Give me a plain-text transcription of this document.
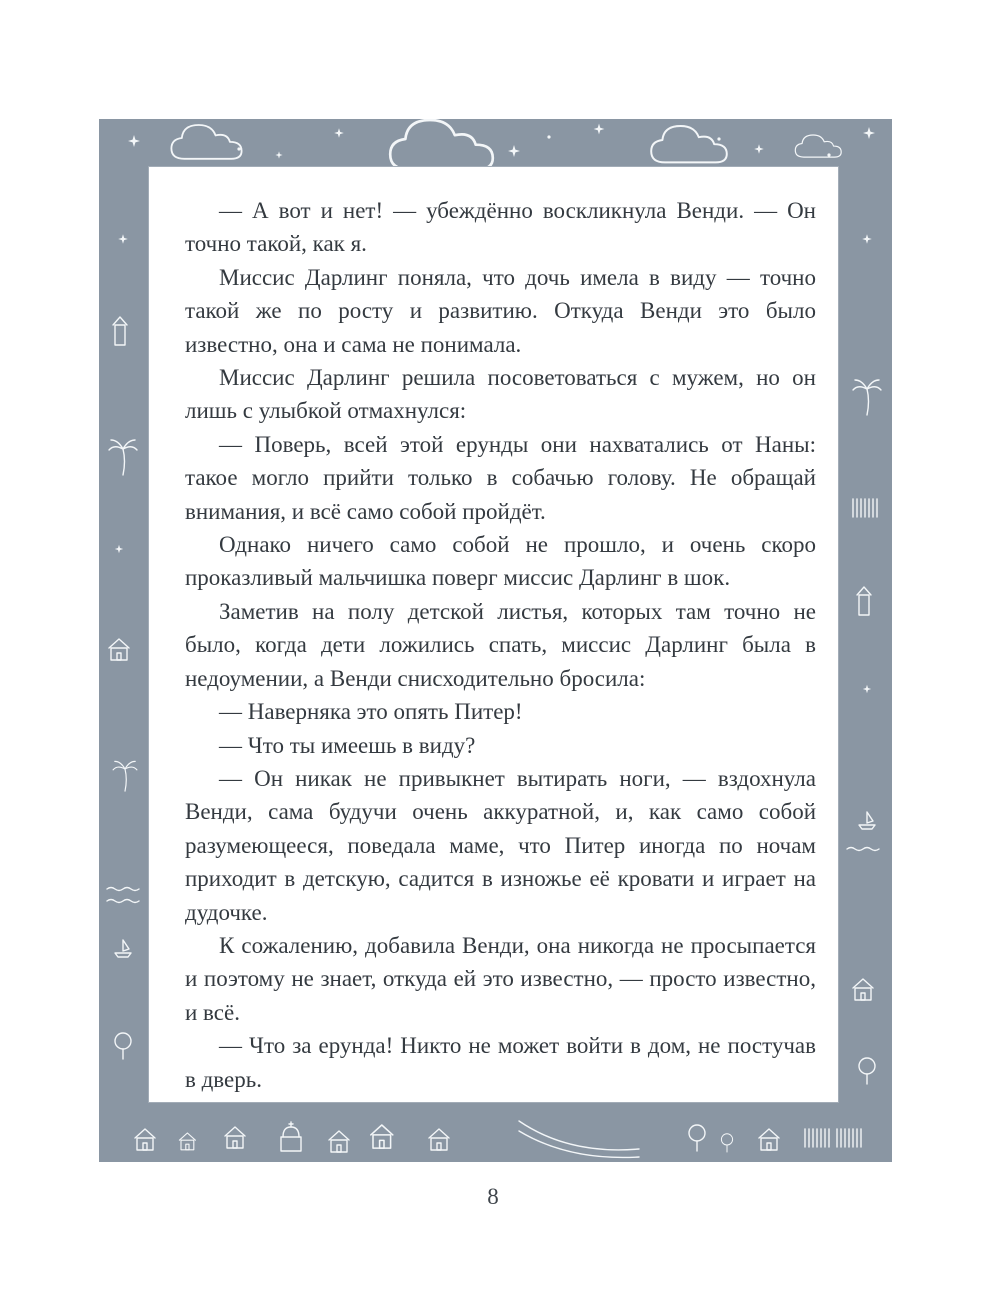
— А вот и нет! — убеждённо воскликнула Венди. — Он точно такой, как я.

Миссис Дарлинг поняла, что дочь имела в виду — точно такой же по росту и развитию. Откуда Венди это было известно, она и сама не понимала.

Миссис Дарлинг решила посоветоваться с мужем, но он лишь с улыбкой отмахнулся:

— Поверь, всей этой ерунды они нахватались от Наны: такое могло прийти только в собачью голову. Не обращай внимания, и всё само собой пройдёт.

Однако ничего само собой не прошло, и очень скоро проказливый мальчишка поверг миссис Дарлинг в шок.

Заметив на полу детской листья, которых там точно не было, когда дети ложились спать, миссис Дарлинг была в недоумении, а Венди снисходительно бросила:

— Наверняка это опять Питер!

— Что ты имеешь в виду?

— Он никак не привыкнет вытирать ноги, — вздохнула Венди, сама будучи очень аккуратной, и, как само собой разумеющееся, поведала маме, что Питер иногда по ночам приходит в детскую, садится в изножье её кровати и играет на дудочке.

К сожалению, добавила Венди, она никогда не просыпается и поэтому не знает, откуда ей это известно, — просто известно, и всё.

— Что за ерунда! Никто не может войти в дом, не постучав в дверь.

8
